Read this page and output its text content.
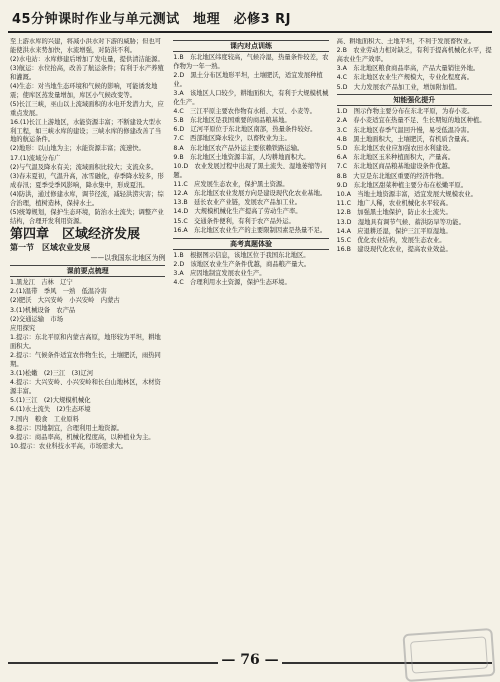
45分钟课时作业与单元测试　地理　必修3 RJ

至上游水库的兴建，将减小洪水对下游的威胁；但也可能使洪水来势加快，水流增强，对防洪不利。

(2)水电站：水库修建后增加了发电量，提供清洁能源。

(3)航运：水位抬高，改善了航运条件；有利于水产养殖和灌溉。

(4)生态：对当地生态环境和气候的影响，可能诱发地震；使库区蒸发量增加，库区小气候改变等。

(5)长江三峡，巫山以上流域面积的水电开发潜力大，应重点发展。

16.(1)长江上游地区，水能资源丰富；不断建设大型水利工程，如三峡水库的建设；三峡水库的修建改善了当地的航运条件。

(2)地形：以山地为主；水能资源丰富；流速快。

17.(1)流域分布广

(2)与气温及降水有关；流域面积比较大；支流众多。

(3)春末夏初，气温升高，冰雪融化，春季降水较多，形成春汛；夏季受季风影响，降水集中，形成夏汛。

(4)防洪，通过修建水库，调节径流，减轻洪涝灾害；综合治理，植树造林，保持水土。

(5)统筹规划，保护生态环境，防治水土流失；调整产业结构，合理开发利用资源。

第四章　区域经济发展
第一节　区域农业发展
——以我国东北地区为例
课前要点梳理

1.黑龙江　吉林　辽宁

2.(1)温带　季风　一熟　低温冷害

(2)肥沃　大兴安岭　小兴安岭　内蒙古

3.(1)机械设备　农产品

(2)交通运输　市场

应用探究

1.提示：东北平原和内蒙古高原，地形较为平坦，耕地面积大。

2.提示：气候条件适宜农作物生长，土壤肥沃，雨热同期。

3.(1)松嫩　(2)三江　(3)辽河

4.提示：大兴安岭、小兴安岭和长白山地林区，木材资源丰富。

5.(1)三江　(2)大规模机械化

6.(1)水土流失　(2)生态环境

7.国内　粮食　工业原料

8.提示：因地制宜，合理利用土地资源。

9.提示：商品率高，机械化程度高，以种植业为主。

10.提示：农业科技水平高，市场需求大。

课内对点训练

1.B　东北地区纬度较高，气候冷湿，热量条件较差，农作物为一年一熟。

2.D　黑土分布区地形平坦，土壤肥沃，适宜发展种植业。

3.A　该地区人口较少，耕地面积大，有利于大规模机械化生产。

4.C　三江平原主要农作物有水稻、大豆、小麦等。

5.B　东北地区是我国重要的商品粮基地。

6.D　辽河平原位于东北地区南部，热量条件较好。

7.C　西部地区降水较少，以畜牧业为主。

8.A　东北地区农产品外运主要依赖铁路运输。

9.B　东北地区土地资源丰富，人均耕地面积大。

10.D　农业发展过程中出现了黑土流失、湿地萎缩等问题。

11.C　应发展生态农业，保护黑土资源。

12.A　东北地区农业发展方向是建设现代化农业基地。

13.B　延长农业产业链，发展农产品加工业。

14.D　大规模机械化生产提高了劳动生产率。

15.C　交通条件便利，有利于农产品外运。

16.A　东北地区农业生产的主要限制因素是热量不足。

高考真题体验

1.B　根据图示信息，该地区位于我国东北地区。

2.D　该地区农业生产条件优越，商品粮产量大。

3.A　应因地制宜发展农业生产。

4.C　合理利用水土资源，保护生态环境。

高、耕地面积大、土地平坦，不利于发展畜牧业。

2.B　农业劳动力相对缺乏，有利于提高机械化水平，提高农业生产效率。

3.A　东北地区粮食商品率高，产品大量销往外地。

4.C　东北地区农业生产规模大，专业化程度高。

5.D　大力发展农产品加工业，增加附加值。

知能强化提升

1.D　图示作物主要分布在东北平原，为春小麦。

2.A　春小麦适宜在热量不足、生长期短的地区种植。

3.C　东北地区春季气温回升慢，易受低温冷害。

4.B　黑土地面积大，土壤肥沃，有机质含量高。

5.D　东北地区农业应加强农田水利建设。

6.A　东北地区玉米种植面积大，产量高。

7.C　东北地区商品粮基地建设条件优越。

8.B　大豆是东北地区重要的经济作物。

9.D　东北地区甜菜种植主要分布在松嫩平原。

10.A　当地土地资源丰富，适宜发展大规模农业。

11.C　地广人稀，农业机械化水平较高。

12.B　加强黑土地保护，防止水土流失。

13.D　湿地具有调节气候、蓄洪防旱等功能。

14.A　应退耕还湿，保护三江平原湿地。

15.C　优化农业结构，发展生态农业。

16.B　建设现代化农业，提高农业效益。

— 76 —
